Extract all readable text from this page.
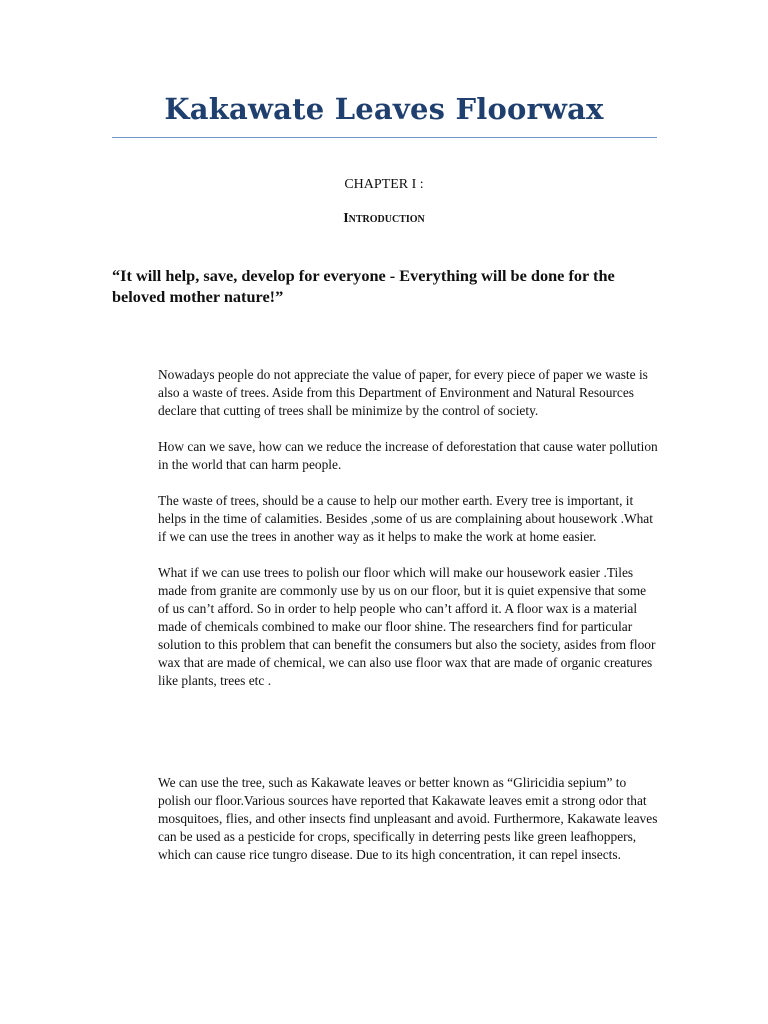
Kakawate Leaves Floorwax
CHAPTER I :
Introduction

“It will help, save, develop for everyone - Everything will be done for the beloved mother nature!”

Nowadays people do not appreciate the value of paper, for every piece of paper we waste is also a waste of trees. Aside from this Department of Environment and Natural Resources declare that cutting of trees shall be minimize by the control of society.

How can we save, how can we reduce the increase of deforestation that cause water pollution in the world that can harm people.

The waste of trees, should be a cause to help our mother earth. Every tree is important, it helps in the time of calamities. Besides ,some of us are complaining about housework .What if we can use the trees in another way as it helps to make the work at home easier.

What if we can use trees to polish our floor which will make our housework easier .Tiles made from granite are commonly use by us on our floor, but it is quiet expensive that some of us can’t afford. So in order to help people who can’t afford it. A floor wax is a material made of chemicals combined to make our floor shine. The researchers find for particular solution to this problem that can benefit the consumers but also the society, asides from floor wax that are made of chemical, we can also use floor wax that are made of organic creatures like plants, trees etc .

We can use the tree, such as Kakawate leaves or better known as “Gliricidia sepium” to polish our floor.Various sources have reported that Kakawate leaves emit a strong odor that mosquitoes, flies, and other insects find unpleasant and avoid. Furthermore, Kakawate leaves can be used as a pesticide for crops, specifically in deterring pests like green leafhoppers, which can cause rice tungro disease. Due to its high concentration, it can repel insects.
